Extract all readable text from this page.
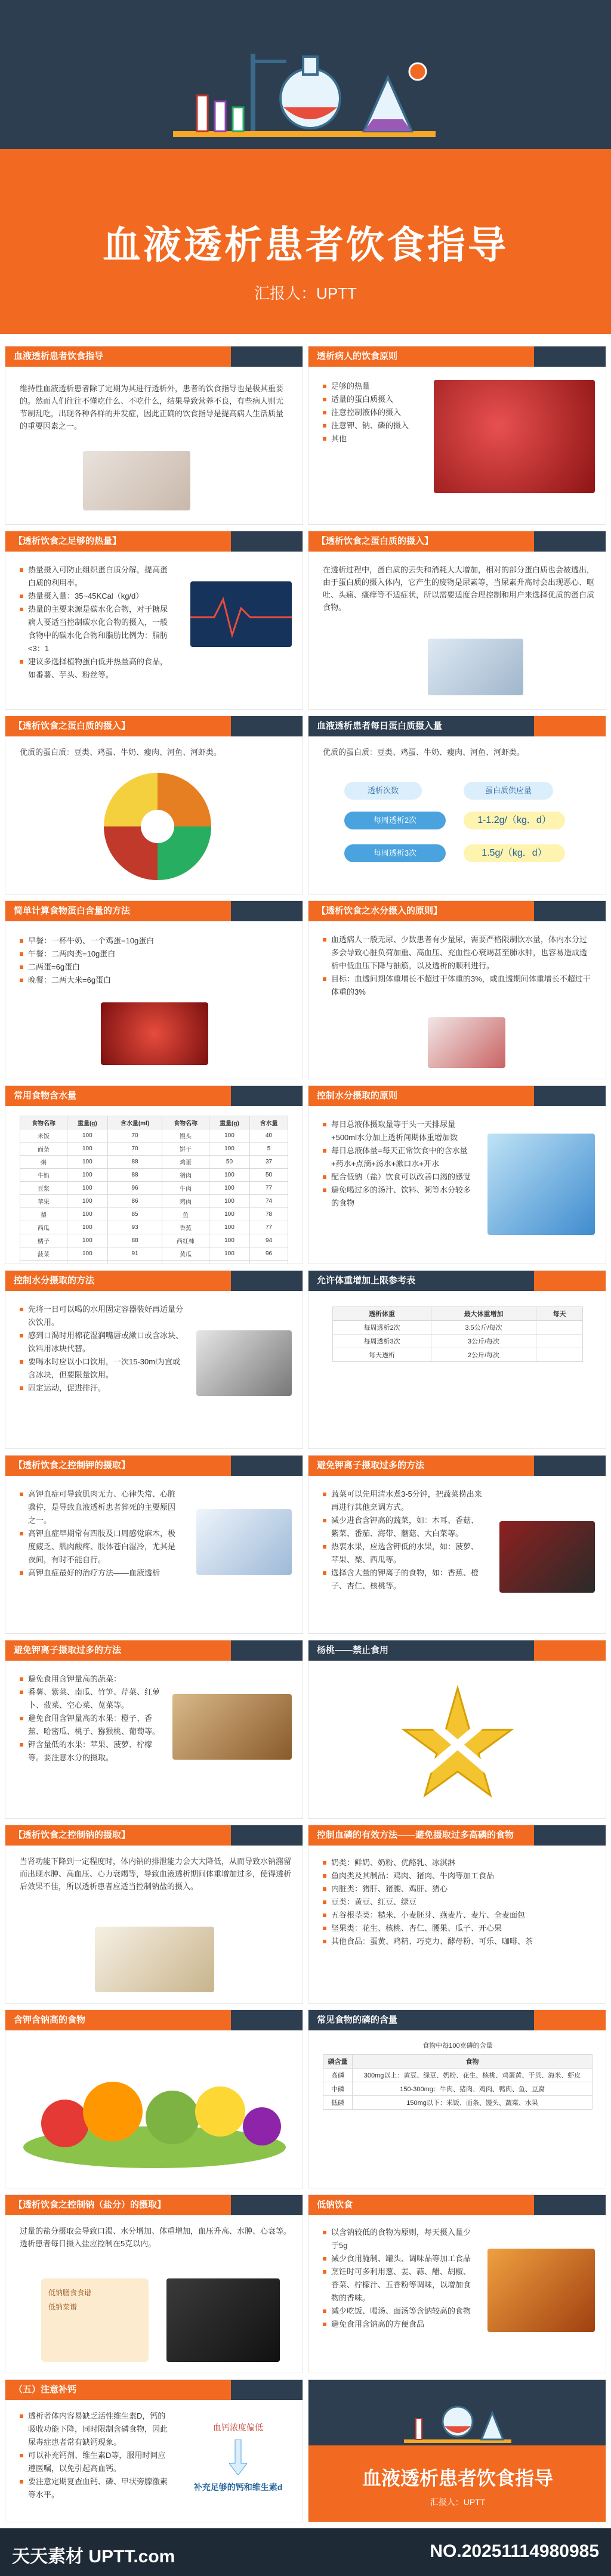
血液透析患者饮食指导
汇报人：UPTT
血液透析患者饮食指导
维持性血液透析患者除了定期为其进行透析外，患者的饮食指导也是极其重要的。然而人们往往不懂吃什么、不吃什么，结果导致营养不良，有些病人则无节制乱吃，出现各种各样的并发症，因此正确的饮食指导是提高病人生活质量的重要因素之一。
透析病人的饮食原则
足够的热量
适量的蛋白质摄入
注意控制液体的摄入
注意钾、钠、磷的摄入
其他
【透析饮食之足够的热量】
热量摄入可防止组织蛋白质分解，提高蛋白质的利用率。
热量摄入量：35~45KCal（kg/d）
热量的主要来源是碳水化合物，对于糖尿病人要适当控制碳水化合物的摄入，一般食物中的碳水化合物和脂肪比例为：脂肪<3：1
建议多选择植物蛋白低并热量高的食品，如番薯、芋头、粉丝等。
【透析饮食之蛋白质的摄入】
在透析过程中，蛋白质的丢失和消耗大大增加，相对的部分蛋白质也会被透出，由于蛋白质的摄入体内，它产生的废物是尿素等，当尿素升高时会出现恶心、呕吐、头痛、瘙痒等不适症状，所以需要适度合理控制和用户来选择优质的蛋白质食物。
【透析饮食之蛋白质的摄入】
优质的蛋白质：豆类、鸡蛋、牛奶、瘦肉、河鱼、河虾类。
血液透析患者每日蛋白质摄入量
优质的蛋白质：豆类、鸡蛋、牛奶、瘦肉、河鱼、河虾类。
透析次数	蛋白质供应量
每周透析2次	1-1.2g/（kg．d）
每周透析3次	1.5g/（kg．d）
简单计算食物蛋白含量的方法
早餐：一杯牛奶、一个鸡蛋=10g蛋白
午餐：二两肉类=10g蛋白
二两蛋=6g蛋白
晚餐：二两大米=6g蛋白
【透析饮食之水分摄入的原则】
血透病人一般无尿、少数患者有少量尿，需要严格限制饮水量，体内水分过多会导致心脏负荷加重、高血压、充血性心衰竭甚至肺水肿，也容易造成透析中低血压下降与抽筋，以及透析的顺利进行。
目标：血透间期体重增长不超过干体重的3%，或血透期间体重增长不超过干体重的3%
常用食物含水量
食物名称	重量(g)	含水量(ml)	食物名称	重量(g)	含水量
米饭	100	70	馒头	100	40
面条	100	70	饼干	100	5
粥	100	88	鸡蛋	50	37
牛奶	100	88	猪肉	100	50
豆浆	100	96	牛肉	100	77
苹果	100	86	鸡肉	100	74
梨	100	85	鱼	100	78
西瓜	100	93	香蕉	100	77
橘子	100	88	西红柿	100	94
菠菜	100	91	黄瓜	100	96

控制水分摄取的原则
每日总液体摄取量等于头一天排尿量+500ml水分加上透析间期体重增加数
每日总液体量=每天正常饮食中的含水量+药水+点滴+汤水+漱口水+开水
配合低钠（盐）饮食可以改善口渴的感觉
避免喝过多的汤汁、饮料、粥等水分较多的食物
控制水分摄取的方法
先将一日可以喝的水用固定容器装好再适量分次饮用。
感到口渴时用棉花湿润嘴唇或漱口或含冰块、饮料用冰块代替。
要喝水时应以小口饮用，一次15-30ml为宜或含冰块，但要限量饮用。
固定运动，促进排汗。
允许体重增加上限参考表
透析体重	最大体重增加	每天
每周透析2次	3.5公斤/每次	
每周透析3次	3公斤/每次	
每天透析	2公斤/每次	
【透析饮食之控制钾的摄取】
高钾血症可导致肌肉无力、心律失常、心脏骤停，是导致血液透析患者猝死的主要原因之一。
高钾血症早期常有四肢及口周感觉麻木，极度疲乏、肌肉酸疼、肢体苍白湿冷，尤其是夜间，有时不能自行。
高钾血症最好的治疗方法——血液透析
避免钾离子摄取过多的方法
蔬菜可以先用清水煮3-5分钟，把蔬菜捞出来再进行其他烹调方式。
减少进食含钾高的蔬菜，如：木耳、香菇、紫菜、番茄、海带、蘑菇、大白菜等。
热衷水果，应选含钾低的水果，如：菠萝、苹果、梨、西瓜等。
选择含大量的钾离子的食物，如：香蕉、橙子、杏仁、核桃等。
避免钾离子摄取过多的方法
避免食用含钾量高的蔬菜：
番薯、紫菜、南瓜、竹笋、芹菜、红萝卜、菠菜、空心菜、苋菜等。
避免食用含钾量高的水果：橙子、香蕉、哈密瓜、桃子、猕猴桃、葡萄等。
钾含量低的水果：苹果、菠萝、柠檬等。要注意水分的摄取。
杨桃——禁止食用
【透析饮食之控制钠的摄取】
当肾功能下降到一定程度时，体内钠的排泄能力会大大降低，从而导致水钠潴留而出现水肿、高血压、心力衰竭等，导致血液透析期间体重增加过多，使得透析后效果不佳，所以透析患者应适当控制钠盐的摄入。
控制血磷的有效方法——避免摄取过多高磷的食物
奶类：鲜奶、奶粉、优酪乳、冰淇淋
鱼肉类及其制品：鸡肉、猪肉、牛肉等加工食品
内脏类：猪肝、猪腰、鸡肝、猪心
豆类：黄豆、红豆、绿豆
五谷根茎类：糙米、小麦胚芽、燕麦片、麦片、全麦面包
坚果类：花生、核桃、杏仁、腰果、瓜子、开心果
其他食品：蛋黄、鸡精、巧克力、酵母粉、可乐、咖啡、茶
含钾含钠高的食物	常见食物的磷的含量
食物中每100克磷的含量
磷含量	食物
高磷	300mg以上：黄豆、绿豆、奶粉、花生、核桃、鸡蛋黄、干贝、海米、虾皮
中磷	150-300mg：牛肉、猪肉、鸡肉、鸭肉、鱼、豆腐
低磷	150mg以下：米饭、面条、馒头、蔬菜、水果
【透析饮食之控制钠（盐分）的摄取】
过量的盐分摄取会导致口渴、水分增加、体重增加，血压升高、水肿、心衰等。透析患者每日摄入盐应控制在5克以内。
低钠膳食食谱
低钠菜谱
低钠饮食
以含钠较低的食物为原则，每天摄入量少于5g
减少食用腌制、罐头、调味品等加工食品
烹饪时可多利用葱、姜、蒜、醋、胡椒、香菜、柠檬汁、五香粉等调味，以增加食物的香味。
减少吃饭、喝汤、面汤等含钠较高的食物
避免食用含钠高的方便食品
（五）注意补钙
透析者体内容易缺乏活性维生素D，钙的吸收功能下降，同时限制含磷食物，因此尿毒症患者常有缺钙现象。
可以补充钙剂、维生素D等，服用时间应遵医嘱，以免引起高血钙。
要注意定期复查血钙、磷、甲状旁腺激素等水平。
血钙浓度偏低
补充足够的钙和维生素d	血液透析患者饮食指导
汇报人：UPTT
天天素材 UPTT.com	NO.20251114980985
